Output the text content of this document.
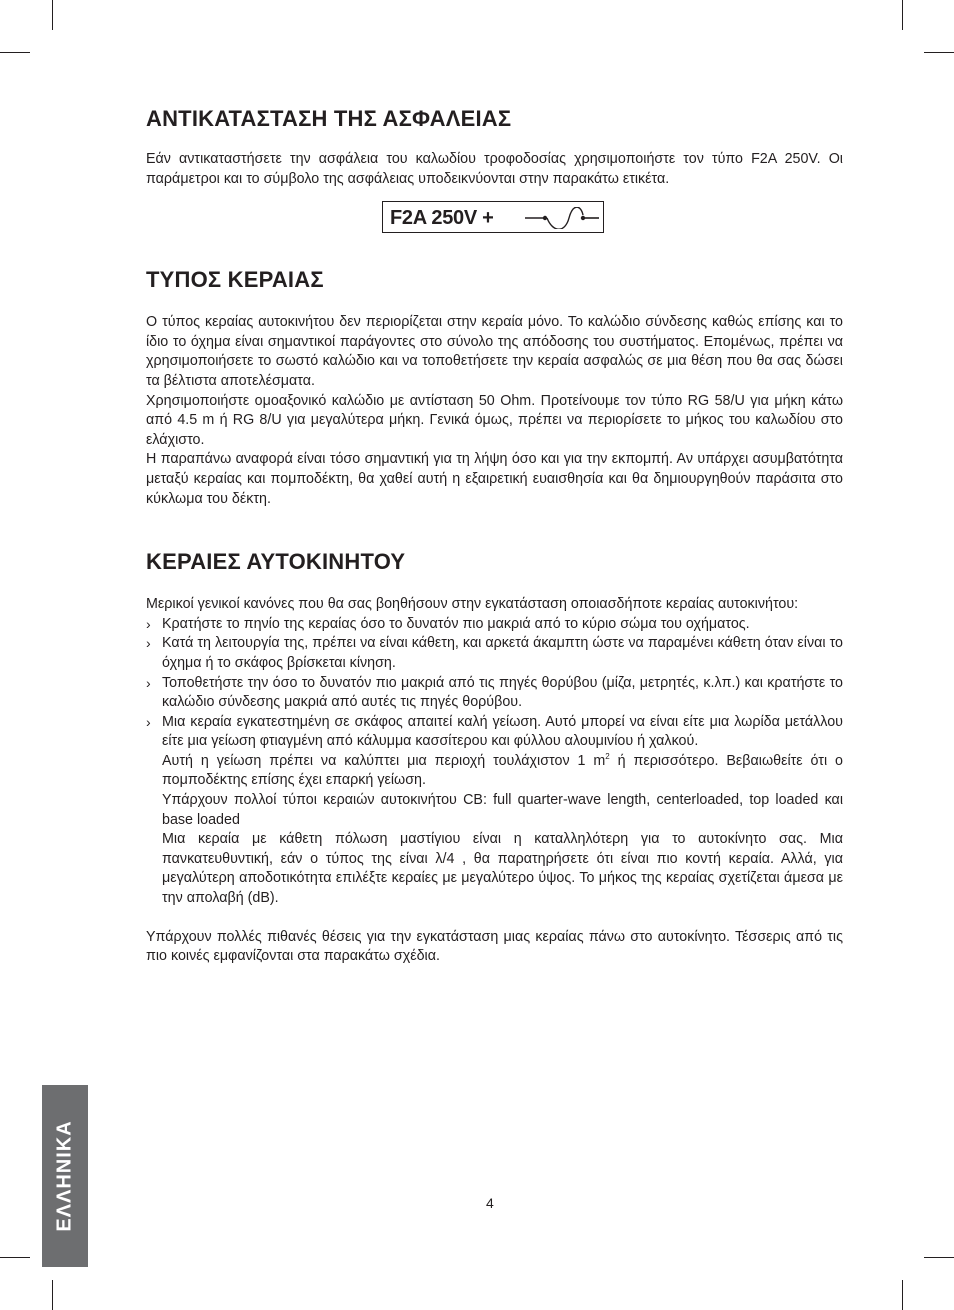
ΑΝΤΙΚΑΤΑΣΤΑΣΗ ΤΗΣ ΑΣΦΑΛΕΙΑΣ

Εάν αντικαταστήσετε την ασφάλεια του καλωδίου τροφοδοσίας χρησιμοποιήστε τον τύπο F2A 250V. Οι παράμετροι και το σύμβολο της ασφάλειας υποδεικνύονται στην παρακάτω ετικέτα.

F2A 250V +
ΤΥΠΟΣ ΚΕΡΑΙΑΣ

Ο τύπος κεραίας αυτοκινήτου δεν περιορίζεται στην κεραία μόνο. Το καλώδιο σύνδεσης καθώς επίσης και το ίδιο το όχημα είναι σημαντικοί παράγοντες στο σύνολο της απόδοσης του συστήματος. Επομένως, πρέπει να χρησιμοποιήσετε το σωστό καλώδιο και να τοποθετήσετε την κεραία ασφαλώς σε μια θέση που θα σας δώσει τα βέλτιστα αποτελέσματα.

Χρησιμοποιήστε ομοαξονικό καλώδιο με αντίσταση 50 Ohm. Προτείνουμε τον τύπο RG 58/U για μήκη κάτω από 4.5 m ή RG 8/U για μεγαλύτερα μήκη. Γενικά όμως, πρέπει να περιορίσετε το μήκος του καλωδίου στο ελάχιστο.

Η παραπάνω αναφορά είναι τόσο σημαντική για τη λήψη όσο και για την εκπομπή. Αν υπάρχει ασυμβατότητα μεταξύ κεραίας και πομποδέκτη, θα χαθεί αυτή η εξαιρετική ευαισθησία και θα δημιουργηθούν παράσιτα στο κύκλωμα του δέκτη.

ΚΕΡΑΙΕΣ ΑΥΤΟΚΙΝΗΤΟΥ

Μερικοί γενικοί κανόνες που θα σας βοηθήσουν στην εγκατάσταση οποιασδήποτε κεραίας αυτοκινήτου:

› Κρατήστε το πηνίο της κεραίας όσο το δυνατόν πιο μακριά από το κύριο σώμα του οχήματος.
› Κατά τη λειτουργία της, πρέπει να είναι κάθετη, και αρκετά άκαμπτη ώστε να παραμένει κάθετη όταν είναι το όχημα ή το σκάφος βρίσκεται κίνηση.
› Τοποθετήστε την όσο το δυνατόν πιο μακριά από τις πηγές θορύβου (μίζα, μετρητές, κ.λπ.) και κρατήστε το καλώδιο σύνδεσης μακριά από αυτές τις πηγές θορύβου.
› Μια κεραία εγκατεστημένη σε σκάφος απαιτεί καλή γείωση. Αυτό μπορεί να είναι είτε μια λωρίδα μετάλλου είτε μια γείωση φτιαγμένη από κάλυμμα κασσίτερου και φύλλου αλουμινίου ή χαλκού.

Αυτή η γείωση πρέπει να καλύπτει μια περιοχή τουλάχιστον 1 $m^2$ ή περισσότερο. Βεβαιωθείτε ότι ο πομποδέκτης επίσης έχει επαρκή γείωση.

Υπάρχουν πολλοί τύποι κεραιών αυτοκινήτου CB: full quarter-wave length, centerloaded, top loaded και base loaded

Μια κεραία με κάθετη πόλωση μαστίγιου είναι η καταλληλότερη για το αυτοκίνητο σας. Μια πανκατευθυντική, εάν ο τύπος της είναι λ/4 , θα παρατηρήσετε ότι είναι πιο κοντή κεραία. Αλλά, για μεγαλύτερη αποδοτικότητα επιλέξτε κεραίες με μεγαλύτερο ύψος. Το μήκος της κεραίας σχετίζεται άμεσα με την απολαβή (dB).

Υπάρχουν πολλές πιθανές θέσεις για την εγκατάσταση μιας κεραίας πάνω στο αυτοκίνητο. Τέσσερις από τις πιο κοινές εμφανίζονται στα παρακάτω σχέδια.

ΕΛΛΗΝΙΚΑ	4
